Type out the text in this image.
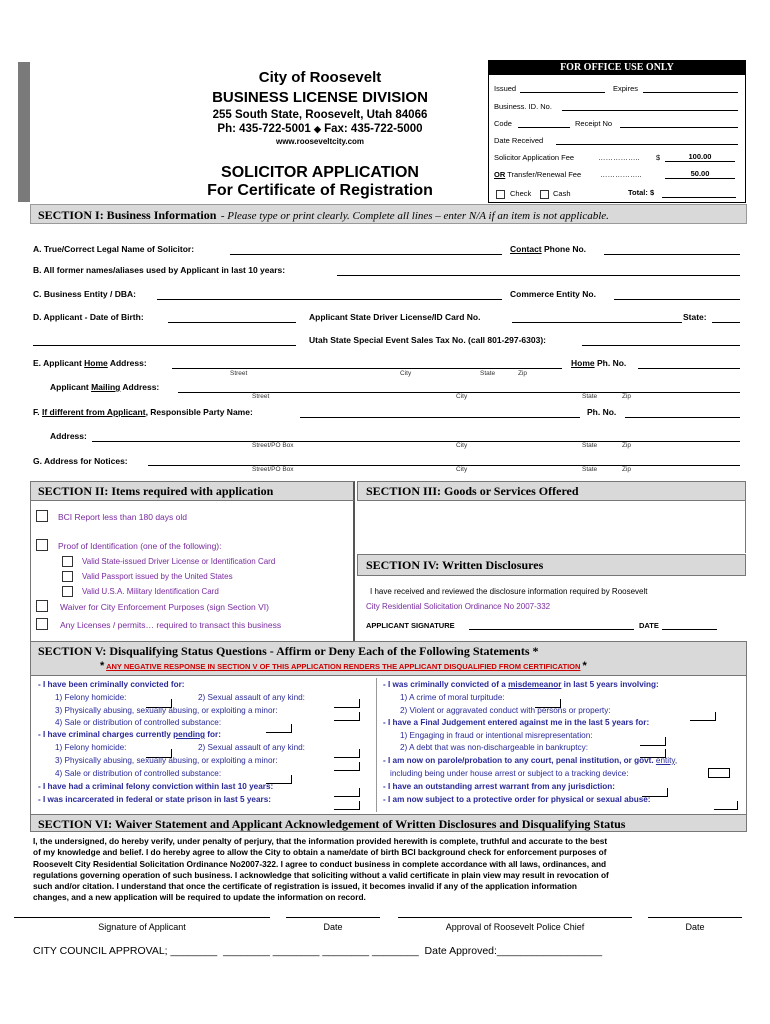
City of Roosevelt
BUSINESS LICENSE DIVISION
255 South State, Roosevelt, Utah 84066
Ph: 435-722-5001 ◆ Fax: 435-722-5000
www.rooseveltcity.com
SOLICITOR APPLICATION
For Certificate of Registration
FOR OFFICE USE ONLY
Issued	Expires
Business. ID. No.
Code	Receipt No
Date Received
Solicitor Application Fee	…………….. $	100.00
OR Transfer/Renewal Fee	……………..	50.00
Check	Cash	Total: $
SECTION I: Business Information - Please type or print clearly. Complete all lines – enter N/A if an item is not applicable.
A. True/Correct Legal Name of Solicitor:	Contact Phone No.
B. All former names/aliases used by Applicant in last 10 years:
C. Business Entity / DBA:	Commerce Entity No.
D. Applicant - Date of Birth:	Applicant State Driver License/ID Card No.	State:
Utah State Special Event Sales Tax No. (call 801-297-6303):
E. Applicant Home Address:	Home Ph. No.
Street	City	State	Zip
Applicant Mailing Address:
Street	City	State	Zip
F. If different from Applicant, Responsible Party Name:	Ph. No.
Address:
Street/PO Box	City	State	Zip
G. Address for Notices:
Street/PO Box	City	State	Zip
SECTION II: Items required with application	SECTION III: Goods or Services Offered
BCI Report less than 180 days old
Proof of Identification (one of the following):
Valid State-issued Driver License or Identification Card
Valid Passport issued by the United States
Valid U.S.A. Military Identification Card
Waiver for City Enforcement Purposes (sign Section VI)
Any Licenses / permits… required to transact this business
SECTION IV: Written Disclosures
I have received and reviewed the disclosure information required by Roosevelt
City Residential Solicitation Ordinance No 2007-332
APPLICANT SIGNATURE	DATE
SECTION V: Disqualifying Status Questions - Affirm or Deny Each of the Following Statements *
* ANY NEGATIVE RESPONSE IN SECTION V OF THIS APPLICATION RENDERS THE APPLICANT DISQUALIFIED FROM CERTIFICATION *
- I have been criminally convicted for:
1) Felony homicide:	2) Sexual assault of any kind:
3) Physically abusing, sexually abusing, or exploiting a minor:
4) Sale or distribution of controlled substance:
- I have criminal charges currently pending for:
1) Felony homicide:	2) Sexual assault of any kind:
3) Physically abusing, sexually abusing, or exploiting a minor:
4) Sale or distribution of controlled substance:
- I have had a criminal felony conviction within last 10 years:
- I was incarcerated in federal or state prison in last 5 years:
- I was criminally convicted of a misdemeanor in last 5 years involving:
1) A crime of moral turpitude:
2) Violent or aggravated conduct with persons or property:
- I have a Final Judgement entered against me in the last 5 years for:
1) Engaging in fraud or intentional misrepresentation:
2) A debt that was non-dischargeable in bankruptcy:
- I am now on parole/probation to any court, penal institution, or govt. entity,
including being under house arrest or subject to a tracking device:
- I have an outstanding arrest warrant from any jurisdiction:
- I am now subject to a protective order for physical or sexual abuse:
SECTION VI: Waiver Statement and Applicant Acknowledgement of Written Disclosures and Disqualifying Status
I, the undersigned, do hereby verify, under penalty of perjury, that the information provided herewith is complete, truthful and accurate to the best
of my knowledge and belief. I do hereby agree to allow the City to obtain a name/date of birth BCI background check for enforcement purposes of
Roosevelt City Residential Solicitation Ordinance No2007-322. I agree to conduct business in complete accordance with all laws, ordinances, and
regulations governing operation of such business. I acknowledge that soliciting without a valid certificate in plain view may result in revocation of
such and/or citation. I understand that once the certificate of registration is issued, it becomes invalid if any of the application information
changes, and a new application will be required to update the information on record.
Signature of Applicant	Date	Approval of Roosevelt Police Chief	Date
CITY COUNCIL APPROVAL; ________ ________ ________ ________ ________ Date Approved:__________________
